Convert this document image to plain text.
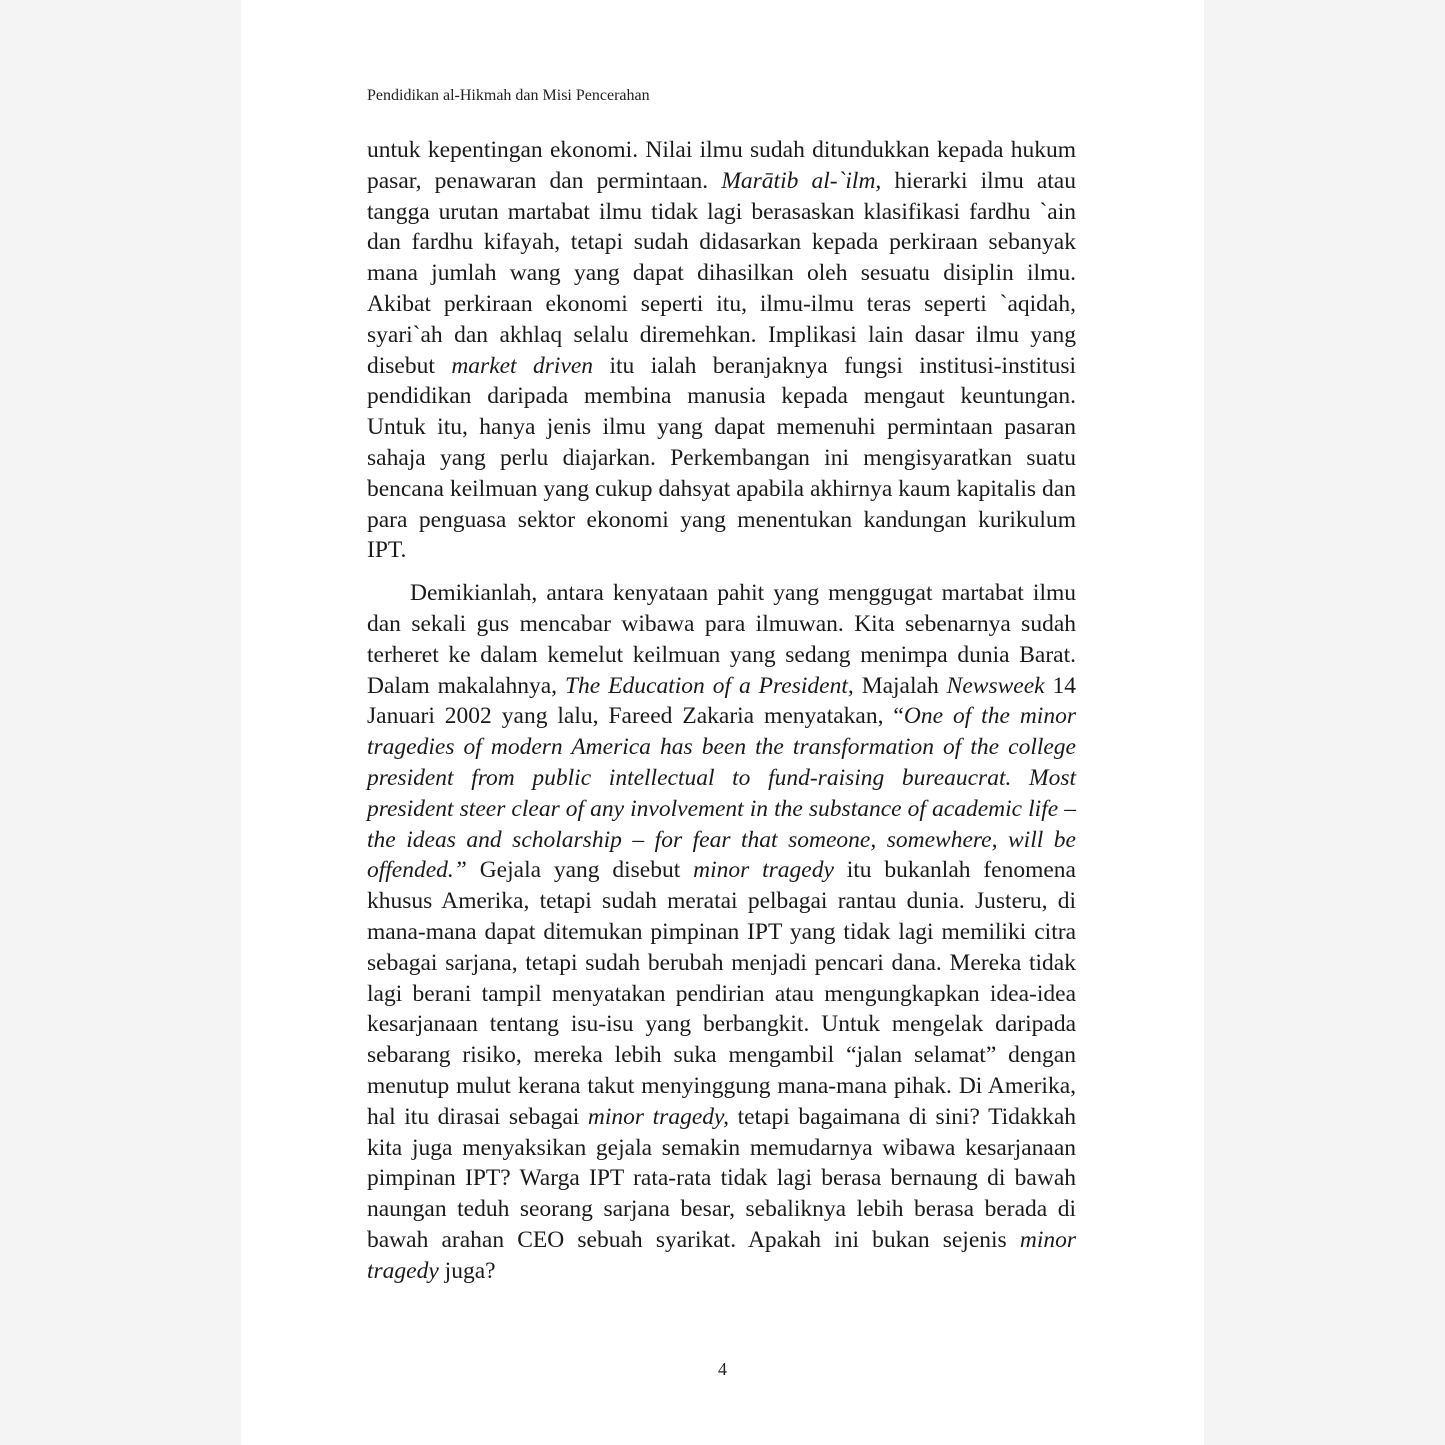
Pendidikan al-Hikmah dan Misi Pencerahan

untuk kepentingan ekonomi. Nilai ilmu sudah ditundukkan kepada hukum pasar, penawaran dan permintaan. Marātib al-`ilm, hierarki ilmu atau tangga urutan martabat ilmu tidak lagi berasaskan klasifikasi fardhu `ain dan fardhu kifayah, tetapi sudah didasarkan kepada perkiraan sebanyak mana jumlah wang yang dapat dihasilkan oleh sesuatu disiplin ilmu. Akibat perkiraan ekonomi seperti itu, ilmu-ilmu teras seperti `aqidah, syari`ah dan akhlaq selalu diremehkan. Implikasi lain dasar ilmu yang disebut market driven itu ialah beranjaknya fungsi institusi-institusi pendidikan daripada membina manusia kepada mengaut keuntungan. Untuk itu, hanya jenis ilmu yang dapat memenuhi permintaan pasaran sahaja yang perlu diajarkan. Perkembangan ini mengisyaratkan suatu bencana keilmuan yang cukup dahsyat apabila akhirnya kaum kapitalis dan para penguasa sektor ekonomi yang menentukan kandungan kurikulum IPT.

Demikianlah, antara kenyataan pahit yang menggugat martabat ilmu dan sekali gus mencabar wibawa para ilmuwan. Kita sebenarnya sudah terheret ke dalam kemelut keilmuan yang sedang menimpa dunia Barat. Dalam makalahnya, The Education of a President, Majalah Newsweek 14 Januari 2002 yang lalu, Fareed Zakaria menyatakan, “One of the minor tragedies of modern America has been the transformation of the college president from public intellectual to fund-raising bureaucrat. Most president steer clear of any involvement in the substance of academic life – the ideas and scholarship – for fear that someone, somewhere, will be offended.” Gejala yang disebut minor tragedy itu bukanlah fenomena khusus Amerika, tetapi sudah meratai pelbagai rantau dunia. Justeru, di mana-mana dapat ditemukan pimpinan IPT yang tidak lagi memiliki citra sebagai sarjana, tetapi sudah berubah menjadi pencari dana. Mereka tidak lagi berani tampil menyatakan pendirian atau mengungkapkan idea-idea kesarjanaan tentang isu-isu yang berbangkit. Untuk mengelak daripada sebarang risiko, mereka lebih suka mengambil “jalan selamat” dengan menutup mulut kerana takut menyinggung mana-mana pihak. Di Amerika, hal itu dirasai sebagai minor tragedy, tetapi bagaimana di sini? Tidakkah kita juga menyaksikan gejala semakin memudarnya wibawa kesarjanaan pimpinan IPT? Warga IPT rata-rata tidak lagi berasa bernaung di bawah naungan teduh seorang sarjana besar, sebaliknya lebih berasa berada di bawah arahan CEO sebuah syarikat. Apakah ini bukan sejenis minor tragedy juga?

4
